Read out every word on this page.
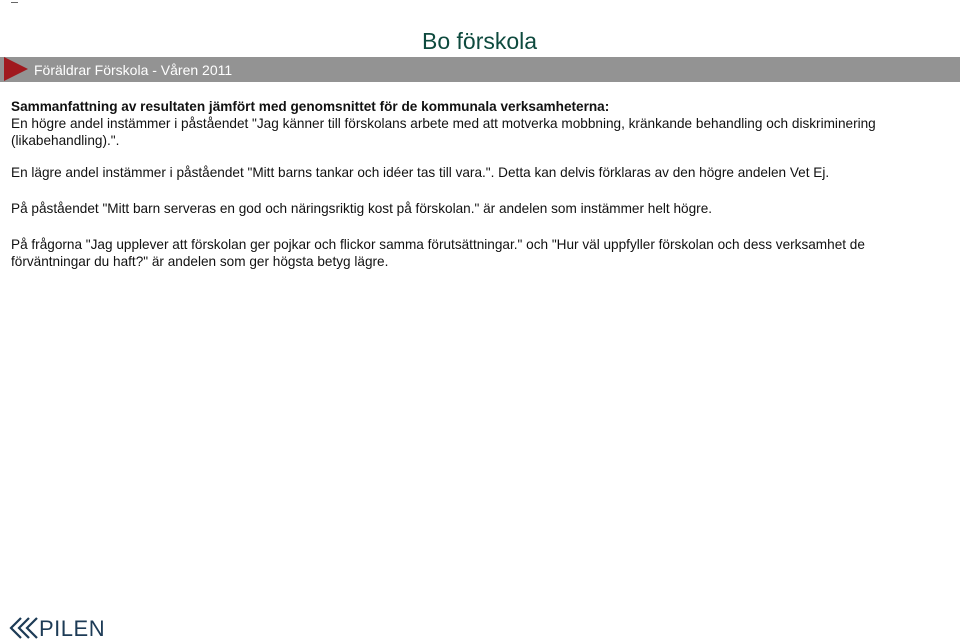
Bo förskola
Föräldrar Förskola - Våren 2011

Sammanfattning av resultaten jämfört med genomsnittet för de kommunala verksamheterna:

En högre andel instämmer i påståendet "Jag känner till förskolans arbete med att motverka mobbning, kränkande behandling och diskriminering (likabehandling).".

En lägre andel instämmer i påståendet "Mitt barns tankar och idéer tas till vara.". Detta kan delvis förklaras av den högre andelen Vet Ej.

På påståendet "Mitt barn serveras en god och näringsriktig kost på förskolan." är andelen som instämmer helt högre.

På frågorna "Jag upplever att förskolan ger pojkar och flickor samma förutsättningar." och "Hur väl uppfyller förskolan och dess verksamhet de förväntningar du haft?" är andelen som ger högsta betyg lägre.

PILEN
